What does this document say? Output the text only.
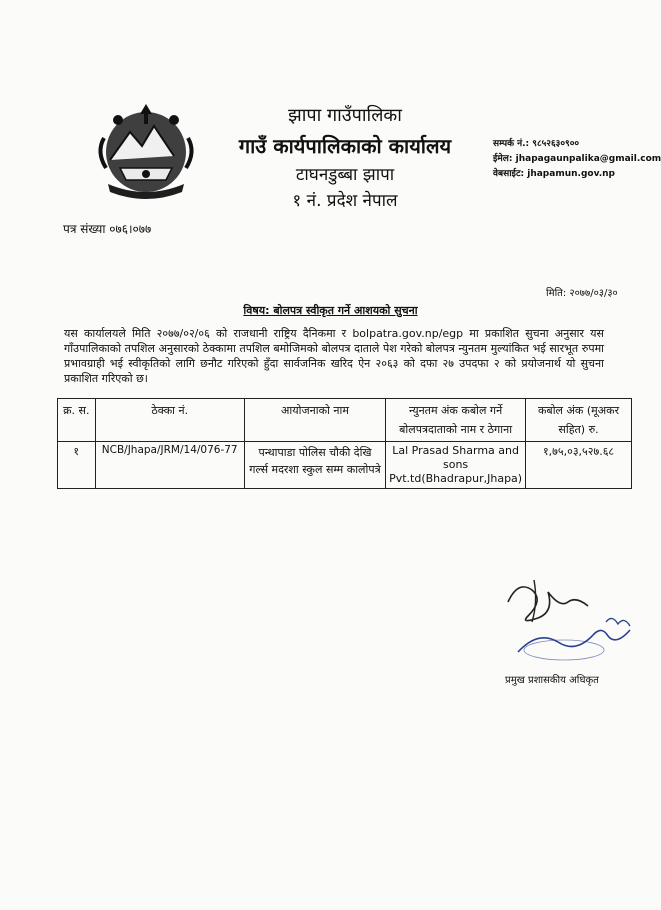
झापा गाउँपालिका
गाउँ कार्यपालिकाको कार्यालय
टाघनडुब्बा झापा
१ नं. प्रदेश नेपाल
सम्पर्क नं.: ९८५२६३०९००
ईमेल: jhapagaunpalika@gmail.com
वेबसाईट: jhapamun.gov.np
पत्र संख्या ०७६।०७७
मिति: २०७७/०३/३०
विषय: बोलपत्र स्वीकृत गर्ने आशयको सुचना
यस कार्यालयले मिति २०७७/०२/०६ को राजधानी राष्ट्रिय दैनिकमा र bolpatra.gov.np/egp मा प्रकाशित सुचना अनुसार यस गाँउपालिकाको तपशिल अनुसारको ठेक्कामा तपशिल बमोजिमको बोलपत्र दाताले पेश गरेको बोलपत्र न्युनतम मुल्यांकित भई सारभूत रुपमा प्रभावग्राही भई स्वीकृतिको लागि छनौट गरिएको हुँदा सार्वजनिक खरिद ऐन २०६३ को दफा २७ उपदफा २ को प्रयोजनार्थ यो सुचना प्रकाशित गरिएको छ।
क्र. स.	ठेक्का नं.	आयोजनाको नाम	न्युनतम अंक कबोल गर्ने बोलपत्रदाताको नाम र ठेगाना	कबोल अंक (मूअकर सहित) रु.
१	NCB/Jhapa/JRM/14/076-77	पन्थापाडा पोलिस चौकी देखि गर्ल्स मदरशा स्कुल सम्म कालोपत्रे	Lal Prasad Sharma and sons Pvt.td(Bhadrapur,Jhapa)	१,७५,०३,५२७.६८
प्रमुख प्रशासकीय अधिकृत
